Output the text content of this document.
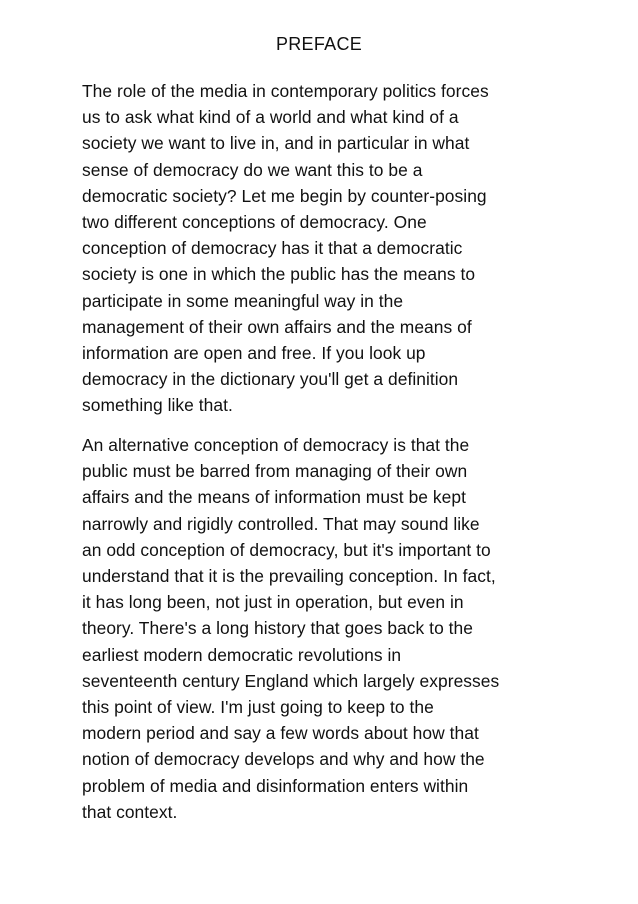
PREFACE

The role of the media in contemporary politics forces
us to ask what kind of a world and what kind of a
society we want to live in, and in particular in what
sense of democracy do we want this to be a
democratic society? Let me begin by counter-posing
two different conceptions of democracy. One
conception of democracy has it that a democratic
society is one in which the public has the means to
participate in some meaningful way in the
management of their own affairs and the means of
information are open and free. If you look up
democracy in the dictionary you'll get a definition
something like that.

An alternative conception of democracy is that the
public must be barred from managing of their own
affairs and the means of information must be kept
narrowly and rigidly controlled. That may sound like
an odd conception of democracy, but it's important to
understand that it is the prevailing conception. In fact,
it has long been, not just in operation, but even in
theory. There's a long history that goes back to the
earliest modern democratic revolutions in
seventeenth century England which largely expresses
this point of view. I'm just going to keep to the
modern period and say a few words about how that
notion of democracy develops and why and how the
problem of media and disinformation enters within
that context.
